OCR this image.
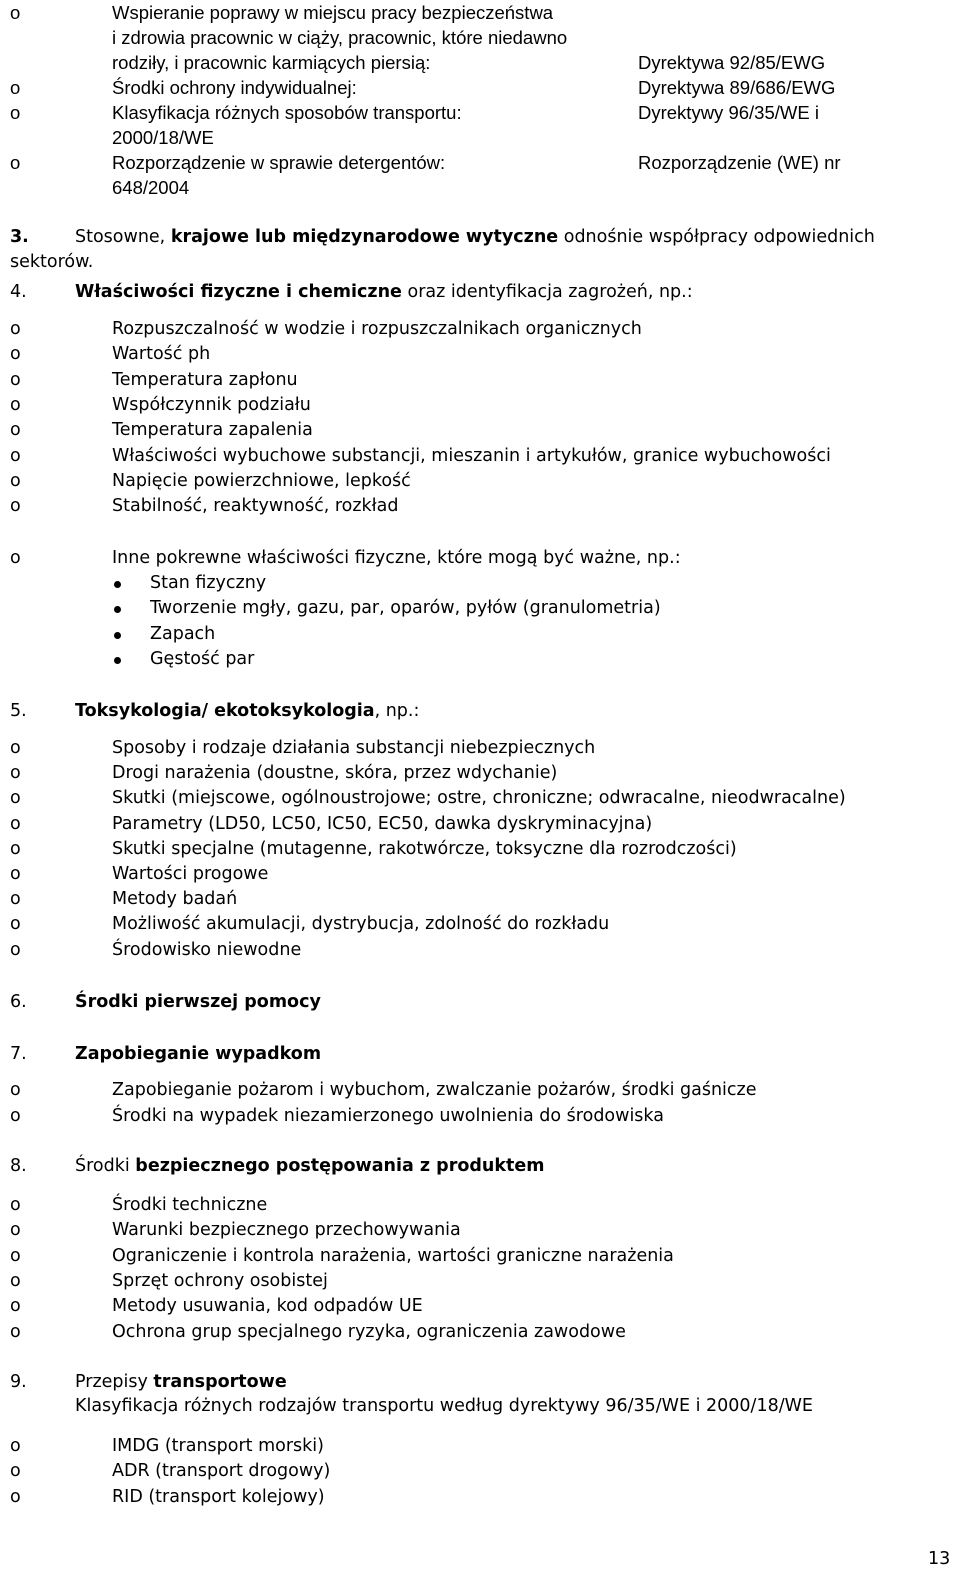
o	Wspieranie poprawy w miejscu pracy bezpieczeństwa
i zdrowia pracownic w ciąży, pracownic, które niedawno
rodziły, i pracownic karmiących piersią:	Dyrektywa 92/85/EWG
o	Środki ochrony indywidualnej:	Dyrektywa 89/686/EWG
o	Klasyfikacja różnych sposobów transportu:	Dyrektywy 96/35/WE i
2000/18/WE
o	Rozporządzenie w sprawie detergentów:	Rozporządzenie (WE) nr
648/2004
3.	Stosowne, krajowe lub międzynarodowe wytyczne odnośnie współpracy odpowiednich
sektorów.
4.	Właściwości fizyczne i chemiczne oraz identyfikacja zagrożeń, np.:
o	Rozpuszczalność w wodzie i rozpuszczalnikach organicznych
o	Wartość ph
o	Temperatura zapłonu
o	Współczynnik podziału
o	Temperatura zapalenia
o	Właściwości wybuchowe substancji, mieszanin i artykułów, granice wybuchowości
o	Napięcie powierzchniowe, lepkość
o	Stabilność, reaktywność, rozkład
o	Inne pokrewne właściwości fizyczne, które mogą być ważne, np.:
Stan fizyczny
Tworzenie mgły, gazu, par, oparów, pyłów (granulometria)
Zapach
Gęstość par
5.	Toksykologia/ ekotoksykologia, np.:
o	Sposoby i rodzaje działania substancji niebezpiecznych
o	Drogi narażenia (doustne, skóra, przez wdychanie)
o	Skutki (miejscowe, ogólnoustrojowe; ostre, chroniczne; odwracalne, nieodwracalne)
o	Parametry (LD50, LC50, IC50, EC50, dawka dyskryminacyjna)
o	Skutki specjalne (mutagenne, rakotwórcze, toksyczne dla rozrodczości)
o	Wartości progowe
o	Metody badań
o	Możliwość akumulacji, dystrybucja, zdolność do rozkładu
o	Środowisko niewodne
6.	Środki pierwszej pomocy
7.	Zapobieganie wypadkom
o	Zapobieganie pożarom i wybuchom, zwalczanie pożarów, środki gaśnicze
o	Środki na wypadek niezamierzonego uwolnienia do środowiska
8.	Środki bezpiecznego postępowania z produktem
o	Środki techniczne
o	Warunki bezpiecznego przechowywania
o	Ograniczenie i kontrola narażenia, wartości graniczne narażenia
o	Sprzęt ochrony osobistej
o	Metody usuwania, kod odpadów UE
o	Ochrona grup specjalnego ryzyka, ograniczenia zawodowe
9.	Przepisy transportowe
Klasyfikacja różnych rodzajów transportu według dyrektywy 96/35/WE i 2000/18/WE
o	IMDG (transport morski)
o	ADR (transport drogowy)
o	RID (transport kolejowy)
13
